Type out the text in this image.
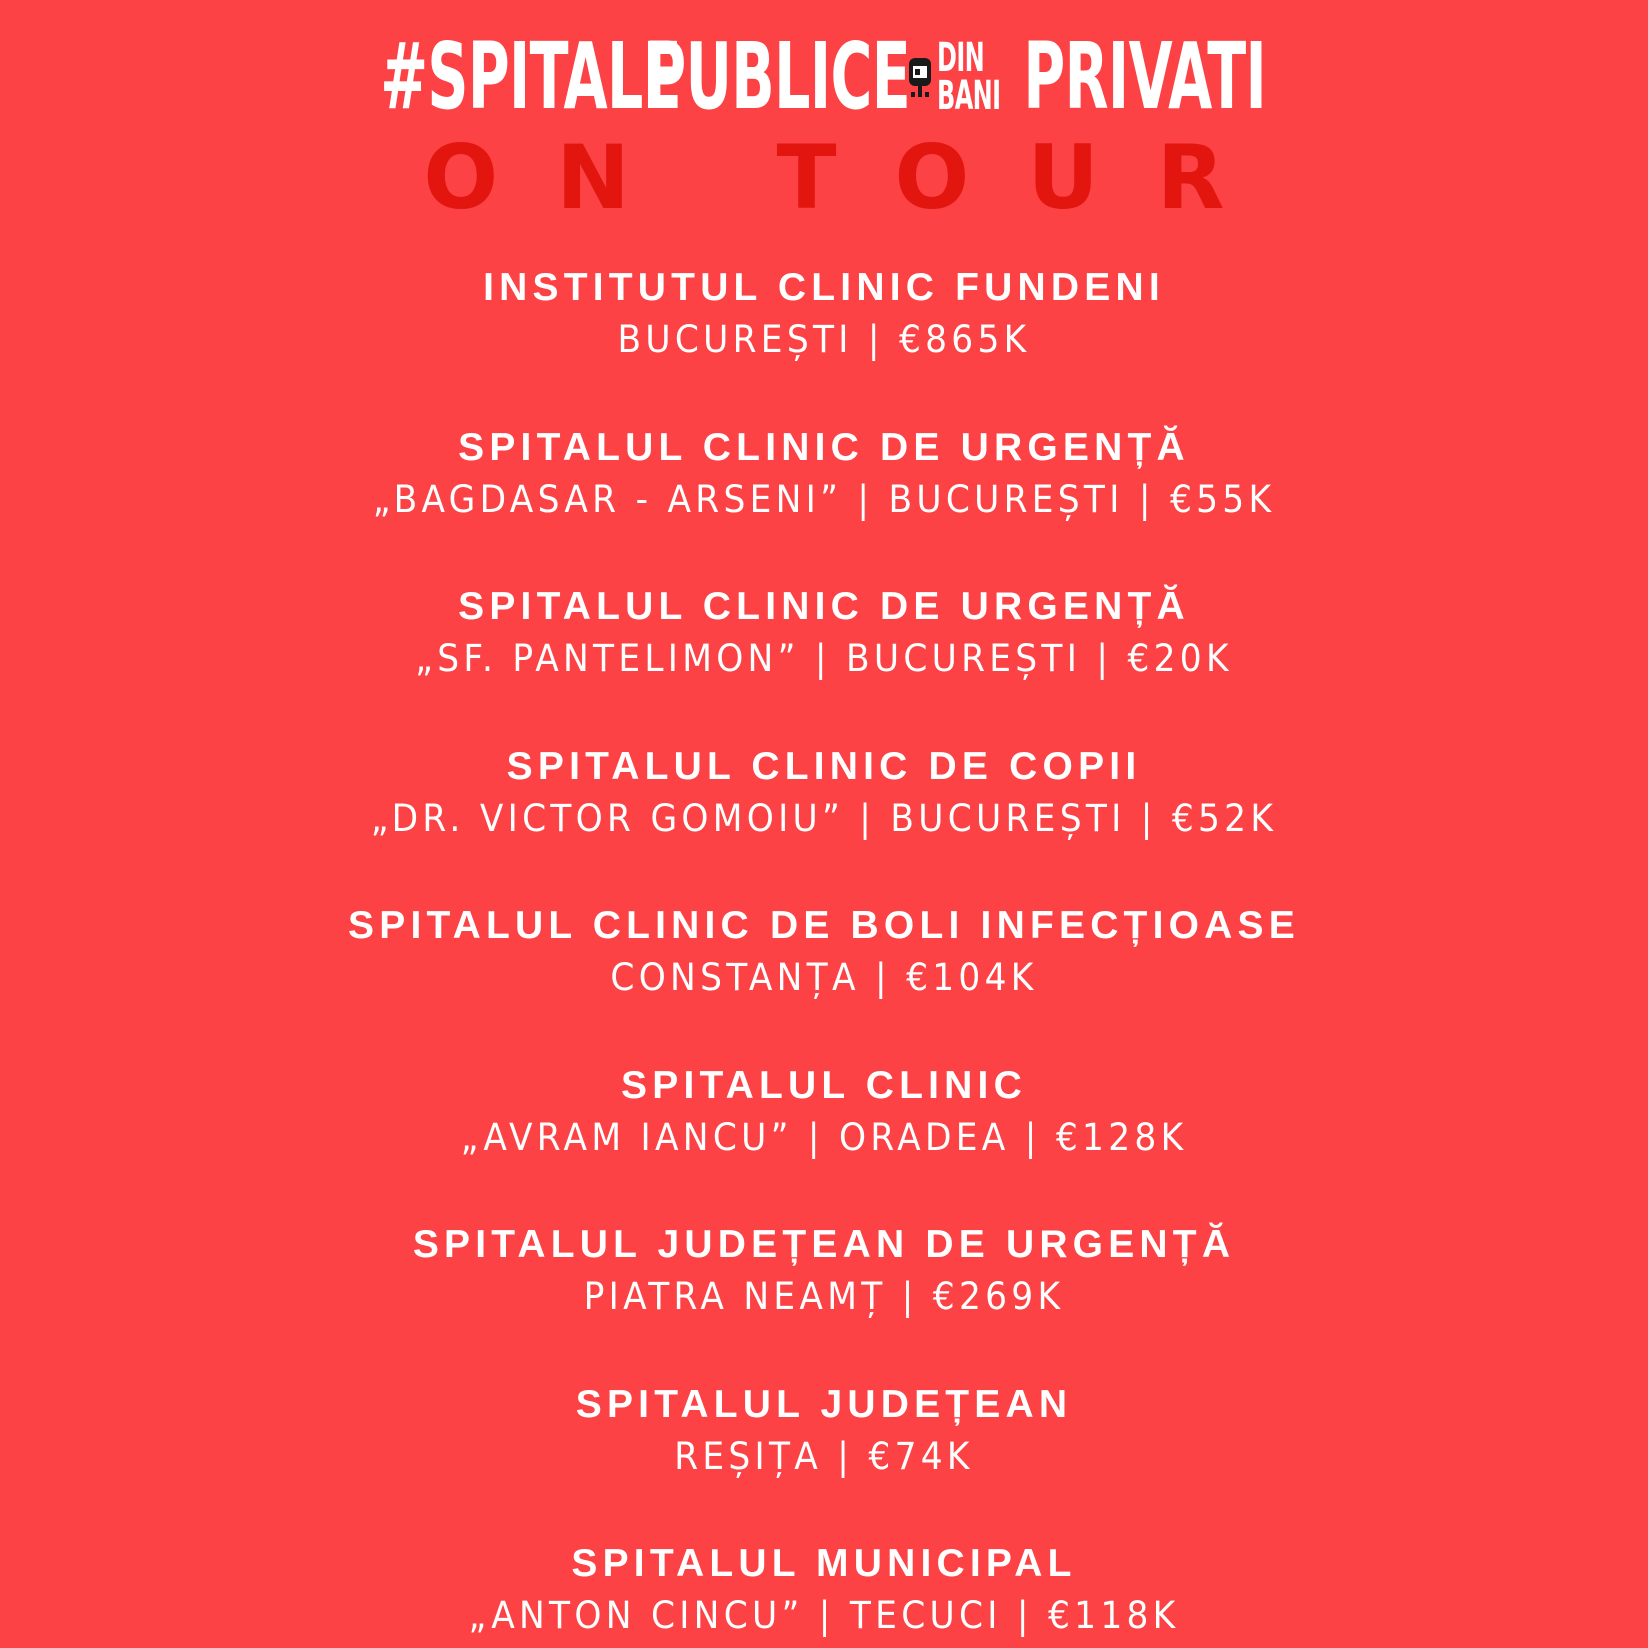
#SPITALE
PUBLICE DIN
BANI PRIVATI
ON TOUR
INSTITUTUL CLINIC FUNDENI
BUCUREȘTI | €865K
SPITALUL CLINIC DE URGENȚĂ
„BAGDASAR - ARSENI” | BUCUREȘTI | €55K
SPITALUL CLINIC DE URGENȚĂ
„SF. PANTELIMON” | BUCUREȘTI | €20K
SPITALUL CLINIC DE COPII
„DR. VICTOR GOMOIU” | BUCUREȘTI | €52K
SPITALUL CLINIC DE BOLI INFECȚIOASE
CONSTANȚA | €104K
SPITALUL CLINIC
„AVRAM IANCU” | ORADEA | €128K
SPITALUL JUDEȚEAN DE URGENȚĂ
PIATRA NEAMȚ | €269K
SPITALUL JUDEȚEAN
REȘIȚA | €74K
SPITALUL MUNICIPAL
„ANTON CINCU” | TECUCI | €118K
